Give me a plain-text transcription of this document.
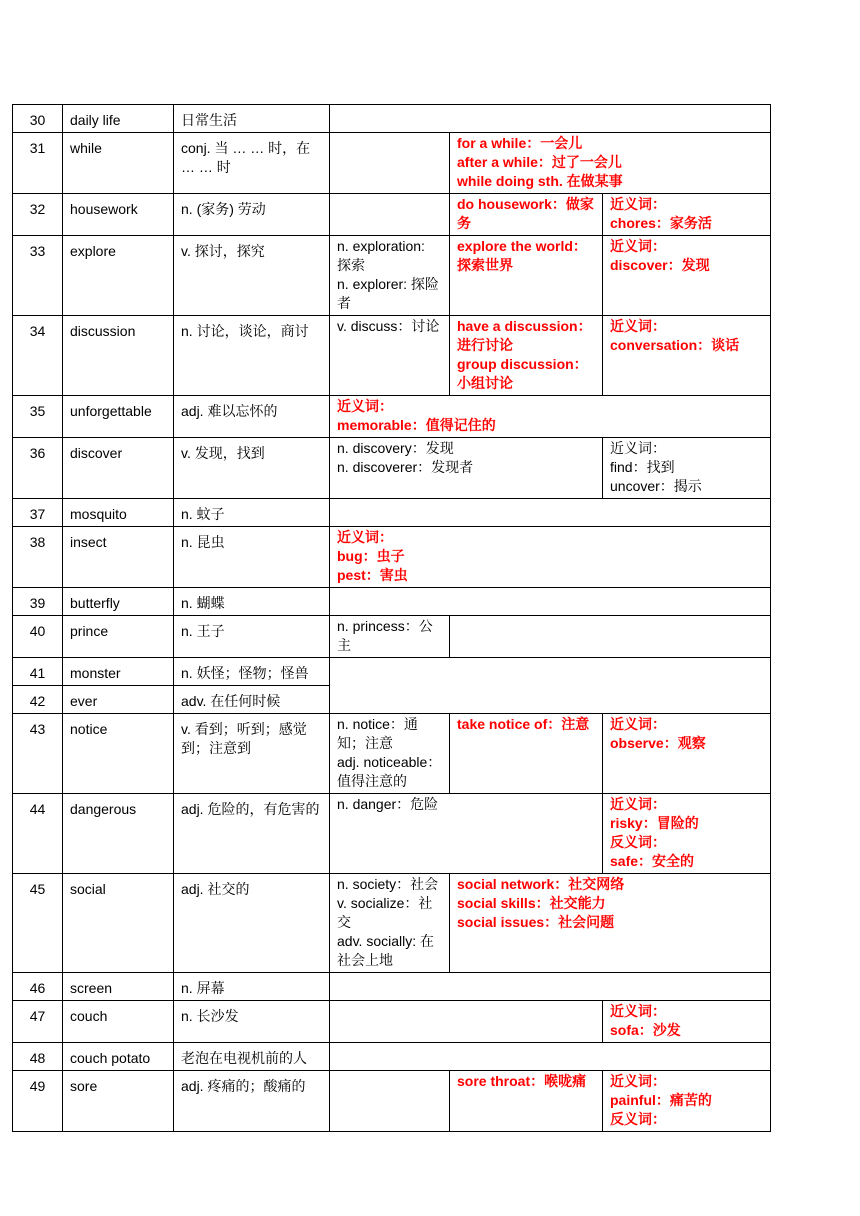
30	daily life	日常生活			
31	while	conj. 当 … … 时，在 … … 时		for a while：一会儿
after a while：过了一会儿
while doing sth. 在做某事	

32	housework	n. (家务) 劳动		do housework：做家务	近义词：
chores：家务活

33	explore	v. 探讨，探究	n. exploration: 探索
n. explorer: 探险者	explore the world：探索世界	近义词：
discover：发现

34	discussion	n. 讨论，谈论，商讨	v. discuss：讨论	have a discussion：进行讨论
group discussion：小组讨论	近义词：
conversation：谈话

35	unforgettable	adj. 难以忘怀的	近义词：
memorable：值得记住的		

36	discover	v. 发现，找到	n. discovery：发现
n. discoverer：发现者		近义词：
find：找到
uncover：揭示

37	mosquito	n. 蚊子			
38	insect	n. 昆虫	近义词：
bug：虫子
pest：害虫		

39	butterfly	n. 蝴蝶			
40	prince	n. 王子	n. princess：公主		
41	monster	n. 妖怪；怪物；怪兽			
42	ever	adv. 在任何时候			
43	notice	v. 看到；听到；感觉到；注意到	n. notice：通知；注意
adj. noticeable：值得注意的	take notice of：注意	近义词：
observe：观察

44	dangerous	adj. 危险的，有危害的	n. danger：危险		近义词：
risky：冒险的
反义词：
safe：安全的

45	social	adj. 社交的	n. society：社会
v. socialize：社交
adv. socially: 在社会上地	social network：社交网络
social skills：社交能力
social issues：社会问题	

46	screen	n. 屏幕			
47	couch	n. 长沙发			近义词：
sofa：沙发

48	couch potato	老泡在电视机前的人			
49	sore	adj. 疼痛的；酸痛的		sore throat：喉咙痛	近义词：
painful：痛苦的
反义词：
